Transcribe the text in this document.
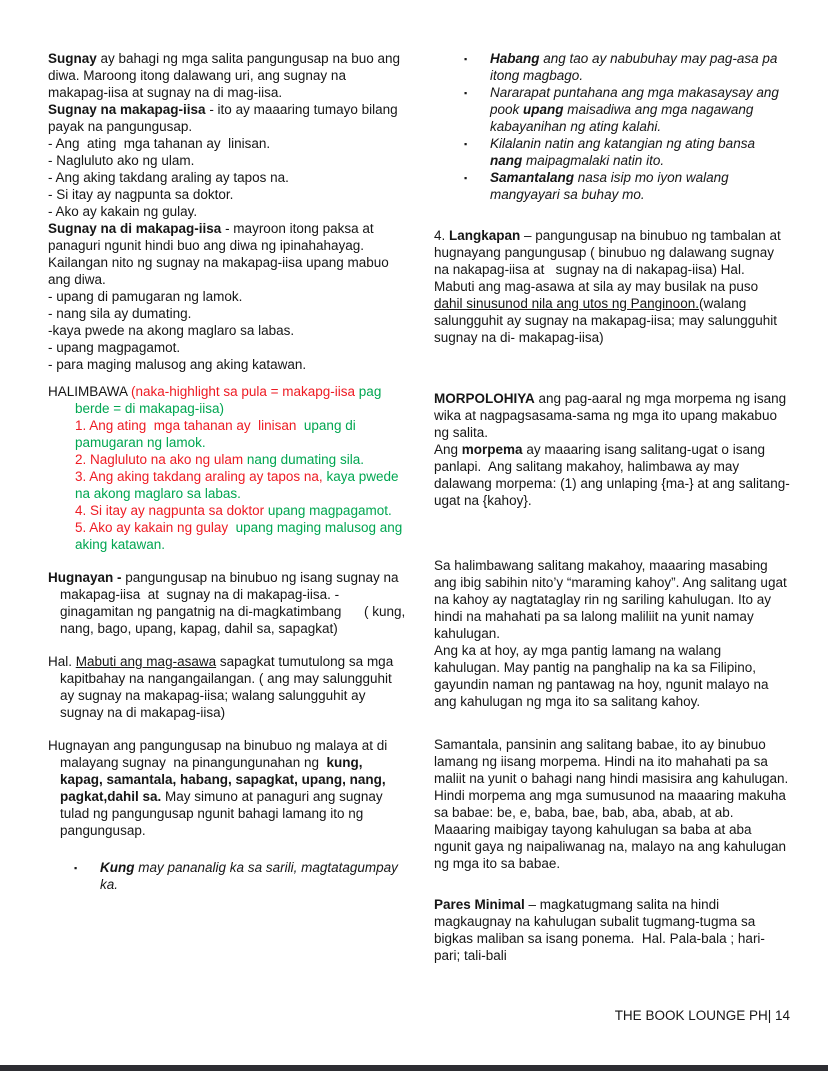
Sugnay ay bahagi ng mga salita pangungusap na buo ang diwa. Maroong itong dalawang uri, ang sugnay na makapag-iisa at sugnay na di mag-iisa.
Sugnay na makapag-iisa - ito ay maaaring tumayo bilang payak na pangungusap.
- Ang  ating  mga tahanan ay  linisan.
- Nagluluto ako ng ulam.
- Ang aking takdang araling ay tapos na.
- Si itay ay nagpunta sa doktor.
- Ako ay kakain ng gulay.
Sugnay na di makapag-iisa - mayroon itong paksa at panaguri ngunit hindi buo ang diwa ng ipinahahayag. Kailangan nito ng sugnay na makapag-iisa upang mabuo ang diwa.
- upang di pamugaran ng lamok.
- nang sila ay dumating.
-kaya pwede na akong maglaro sa labas.
- upang magpagamot.
- para maging malusog ang aking katawan.
HALIMBAWA (naka-highlight sa pula = makapg-iisa pag berde = di makapag-iisa)
1. Ang ating  mga tahanan ay  linisan  upang di pamugaran ng lamok.
2. Nagluluto na ako ng ulam nang dumating sila.
3. Ang aking takdang araling ay tapos na, kaya pwede na akong maglaro sa labas.
4. Si itay ay nagpunta sa doktor upang magpagamot.
5. Ako ay kakain ng gulay  upang maging malusog ang aking katawan.
Hugnayan - pangungusap na binubuo ng isang sugnay na makapag-iisa  at  sugnay na di makapag-iisa. - ginagamitan ng pangatnig na di-magkatimbang      ( kung, nang, bago, upang, kapag, dahil sa, sapagkat)
Hal. Mabuti ang mag-asawa sapagkat tumutulong sa mga kapitbahay na nangangailangan. ( ang may salungguhit ay sugnay na makapag-iisa; walang salungguhit ay sugnay na di makapag-iisa)
Hugnayan ang pangungusap na binubuo ng malaya at di  malayang sugnay  na pinangungunahan ng  kung, kapag, samantala, habang, sapagkat, upang, nang, pagkat,dahil sa. May simuno at panaguri ang sugnay tulad ng pangungusap ngunit bahagi lamang ito ng pangungusap.
▪ Kung may pananalig ka sa sarili, magtatagumpay ka.
▪ Habang ang tao ay nabubuhay may pag-asa pa itong magbago.
▪ Nararapat puntahana ang mga makasaysay ang pook upang maisadiwa ang mga nagawang kabayanihan ng ating kalahi.
▪ Kilalanin natin ang katangian ng ating bansa nang maipagmalaki natin ito.
▪ Samantalang nasa isip mo iyon walang mangyayari sa buhay mo.
4. Langkapan – pangungusap na binubuo ng tambalan at hugnayang pangungusap ( binubuo ng dalawang sugnay na nakapag-iisa at   sugnay na di nakapag-iisa) Hal.   Mabuti ang mag-asawa at sila ay may busilak na puso dahil sinusunod nila ang utos ng Panginoon.(walang salungguhit ay sugnay na makapag-iisa; may salungguhit sugnay na di- makapag-iisa)
MORPOLOHIYA ang pag-aaral ng mga morpema ng isang wika at nagpagsasama-sama ng mga ito upang makabuo ng salita.
Ang morpema ay maaaring isang salitang-ugat o isang panlapi.  Ang salitang makahoy, halimbawa ay may dalawang morpema: (1) ang unlaping {ma-} at ang salitang-ugat na {kahoy}.
Sa halimbawang salitang makahoy, maaaring masabing ang ibig sabihin nito’y “maraming kahoy”. Ang salitang ugat na kahoy ay nagtataglay rin ng sariling kahulugan. Ito ay hindi na mahahati pa sa lalong maliliit na yunit namay kahulugan.
Ang ka at hoy, ay mga pantig lamang na walang kahulugan. May pantig na panghalip na ka sa Filipino, gayundin naman ng pantawag na hoy, ngunit malayo na ang kahulugan ng mga ito sa salitang kahoy.
Samantala, pansinin ang salitang babae, ito ay binubuo lamang ng iisang morpema. Hindi na ito mahahati pa sa maliit na yunit o bahagi nang hindi masisira ang kahulugan. Hindi morpema ang mga sumusunod na maaaring makuha sa babae: be, e, baba, bae, bab, aba, abab, at ab. Maaaring maibigay tayong kahulugan sa baba at aba ngunit gaya ng naipaliwanag na, malayo na ang kahulugan ng mga ito sa babae.
Pares Minimal – magkatugmang salita na hindi magkaugnay na kahulugan subalit tugmang-tugma sa bigkas maliban sa isang ponema.  Hal. Pala-bala ; hari- pari; tali-bali
THE BOOK LOUNGE PH| 14
